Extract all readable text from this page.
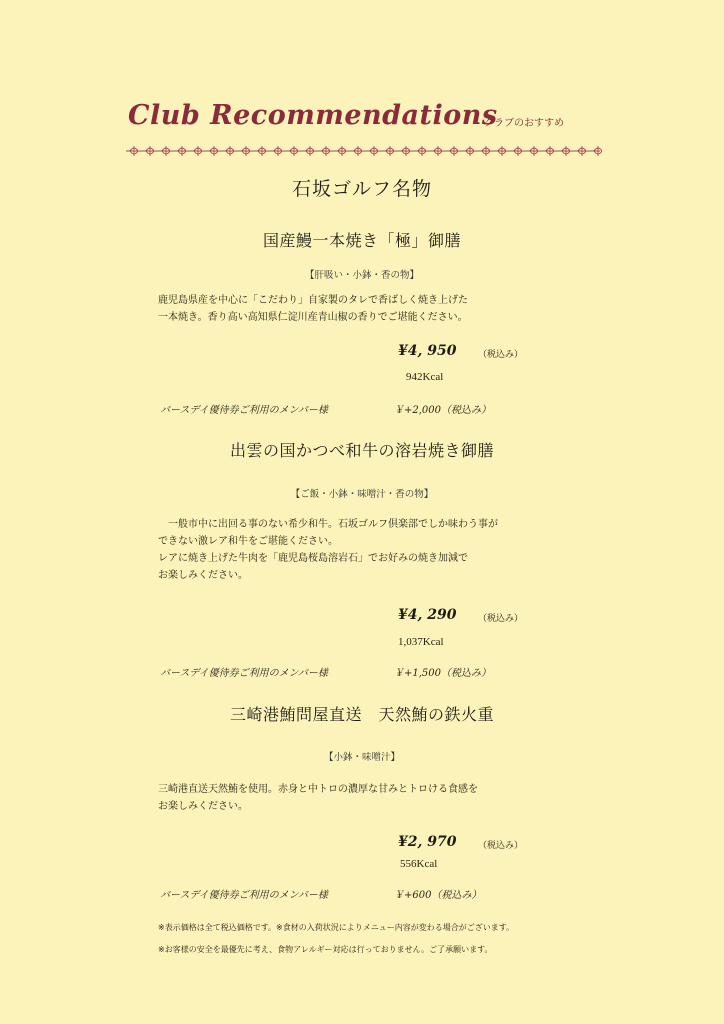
Club Recommendations
クラブのおすすめ
石坂ゴルフ名物
国産鰻一本焼き「極」御膳
【肝吸い・小鉢・香の物】
鹿児島県産を中心に「こだわり」自家製のタレで香ばしく焼き上げた
一本焼き。香り高い高知県仁淀川産青山椒の香りでご堪能ください。
¥4, 950 （税込み）
942Kcal
バースデイ優待券ご利用のメンバー様	￥+2,000（税込み）
出雲の国かつべ和牛の溶岩焼き御膳
【ご飯・小鉢・味噌汁・香の物】
　一般市中に出回る事のない希少和牛。石坂ゴルフ倶楽部でしか味わう事が
できない激レア和牛をご堪能ください。
レアに焼き上げた牛肉を「鹿児島桜島溶岩石」でお好みの焼き加減で
お楽しみください。
¥4, 290 （税込み）
1,037Kcal
バースデイ優待券ご利用のメンバー様	￥+1,500（税込み）
三崎港鮪問屋直送　天然鮪の鉄火重
【小鉢・味噌汁】
三崎港直送天然鮪を使用。赤身と中トロの濃厚な甘みとトロける食感を
お楽しみください。
¥2, 970 （税込み）
556Kcal
バースデイ優待券ご利用のメンバー様	￥+600（税込み）
※表示価格は全て税込価格です。※食材の入荷状況によりメニュー内容が変わる場合がございます。
※お客様の安全を最優先に考え、食物アレルギー対応は行っておりません。ご了承願います。
